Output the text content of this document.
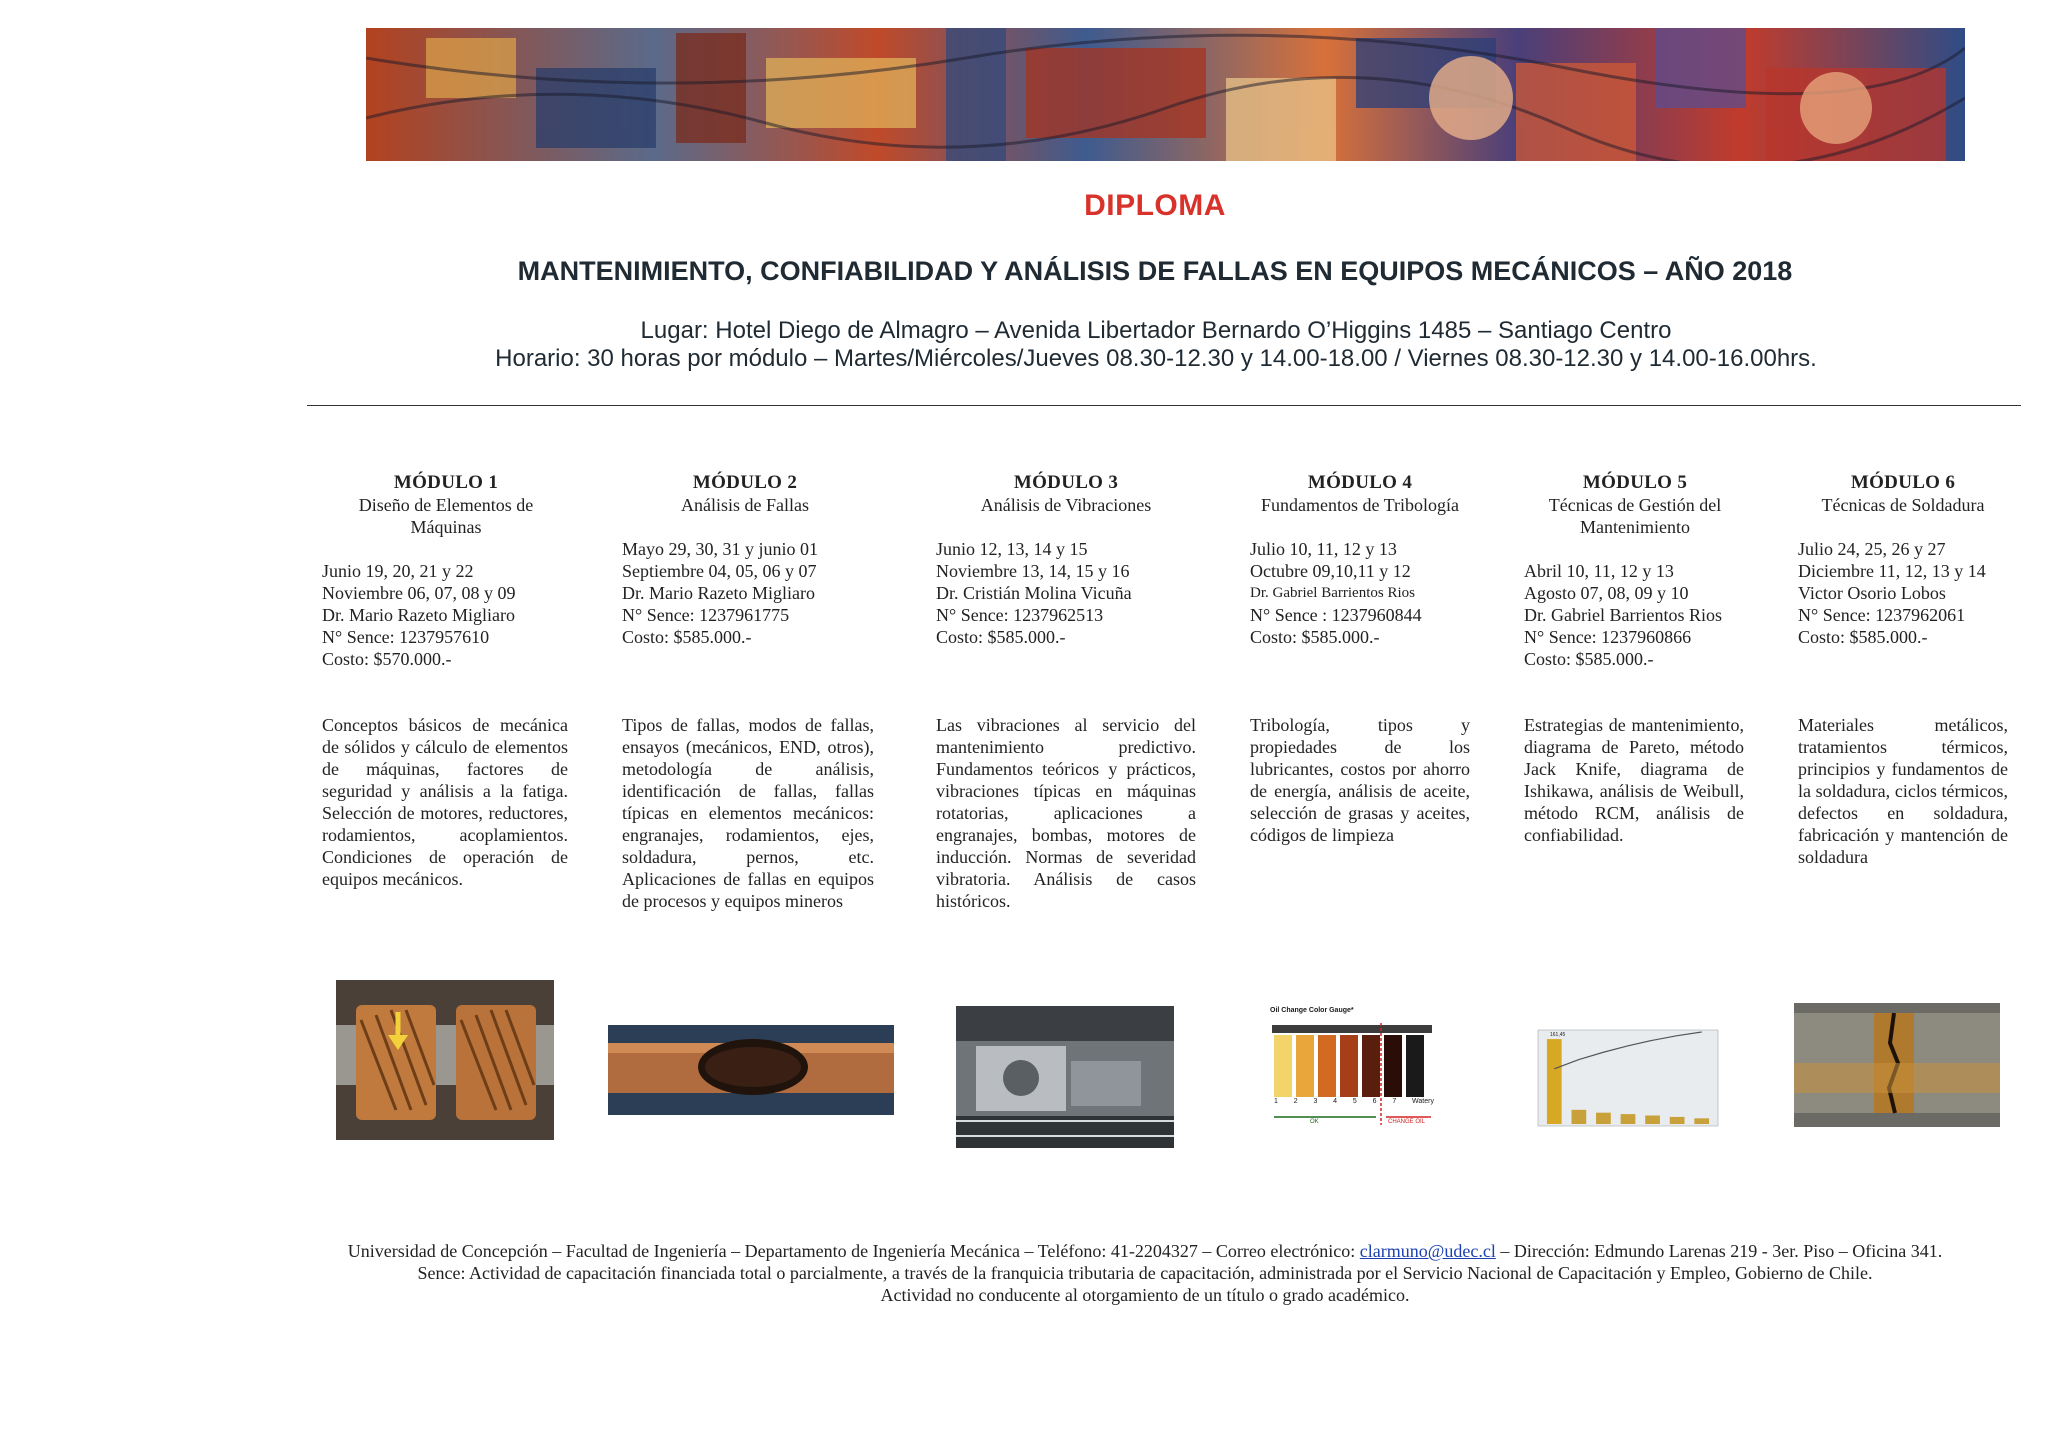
DIPLOMA
MANTENIMIENTO, CONFIABILIDAD Y ANÁLISIS DE FALLAS EN EQUIPOS MECÁNICOS – AÑO 2018
Lugar: Hotel Diego de Almagro – Avenida Libertador Bernardo O’Higgins 1485 – Santiago Centro
Horario: 30 horas por módulo – Martes/Miércoles/Jueves 08.30-12.30 y 14.00-18.00 / Viernes 08.30-12.30 y 14.00-16.00hrs.
MÓDULO 1
Diseño de Elementos de Máquinas
Junio 19, 20, 21 y 22
Noviembre 06, 07, 08 y 09
Dr. Mario Razeto Migliaro
N° Sence: 1237957610
Costo: $570.000.-
Conceptos básicos de mecánica de sólidos y cálculo de elementos de máquinas, factores de seguridad y análisis a la fatiga. Selección de motores, reductores, rodamientos, acoplamientos. Condiciones de operación de equipos mecánicos.
MÓDULO 2
Análisis de Fallas
Mayo 29, 30, 31 y junio 01
Septiembre 04, 05, 06 y 07
Dr. Mario Razeto Migliaro
N° Sence: 1237961775
Costo: $585.000.-
Tipos de fallas, modos de fallas, ensayos (mecánicos, END, otros), metodología de análisis, identificación de fallas, fallas típicas en elementos mecánicos: engranajes, rodamientos, ejes, soldadura, pernos, etc. Aplicaciones de fallas en equipos de procesos y equipos mineros
MÓDULO 3
Análisis de Vibraciones
Junio 12, 13, 14 y 15
Noviembre 13, 14, 15 y 16
Dr. Cristián Molina Vicuña
N° Sence: 1237962513
Costo: $585.000.-
Las vibraciones al servicio del mantenimiento predictivo. Fundamentos teóricos y prácticos, vibraciones típicas en máquinas rotatorias, aplicaciones a engranajes, bombas, motores de inducción. Normas de severidad vibratoria. Análisis de casos históricos.
MÓDULO 4
Fundamentos de Tribología
Julio 10, 11, 12 y 13
Octubre 09,10,11 y 12
Dr. Gabriel Barrientos Rios
N° Sence : 1237960844
Costo: $585.000.-
Tribología, tipos y propiedades de los lubricantes, costos por ahorro de energía, análisis de aceite, selección de grasas y aceites, códigos de limpieza
MÓDULO 5
Técnicas de Gestión del Mantenimiento
Abril 10, 11, 12 y 13
Agosto 07, 08, 09 y 10
Dr. Gabriel Barrientos Rios
N° Sence: 1237960866
Costo: $585.000.-
Estrategias de mantenimiento, diagrama de Pareto, método Jack Knife, diagrama de Ishikawa, análisis de Weibull, método RCM, análisis de confiabilidad.
MÓDULO 6
Técnicas de Soldadura
Julio 24, 25, 26 y 27
Diciembre 11, 12, 13 y 14
Victor Osorio Lobos
N° Sence: 1237962061
Costo: $585.000.-
Materiales metálicos, tratamientos térmicos, principios y fundamentos de la soldadura, ciclos térmicos, defectos en soldadura, fabricación y mantención de soldadura
Oil Change Color Gauge*
1 2 3 4 5 6 7 Watery
OK	CHANGE OIL
161,45
Universidad de Concepción – Facultad de Ingeniería – Departamento de Ingeniería Mecánica – Teléfono: 41-2204327 – Correo electrónico: clarmuno@udec.cl – Dirección: Edmundo Larenas 219 - 3er. Piso – Oficina 341.
Sence: Actividad de capacitación financiada total o parcialmente, a través de la franquicia tributaria de capacitación, administrada por el Servicio Nacional de Capacitación y Empleo, Gobierno de Chile.
Actividad no conducente al otorgamiento de un título o grado académico.
